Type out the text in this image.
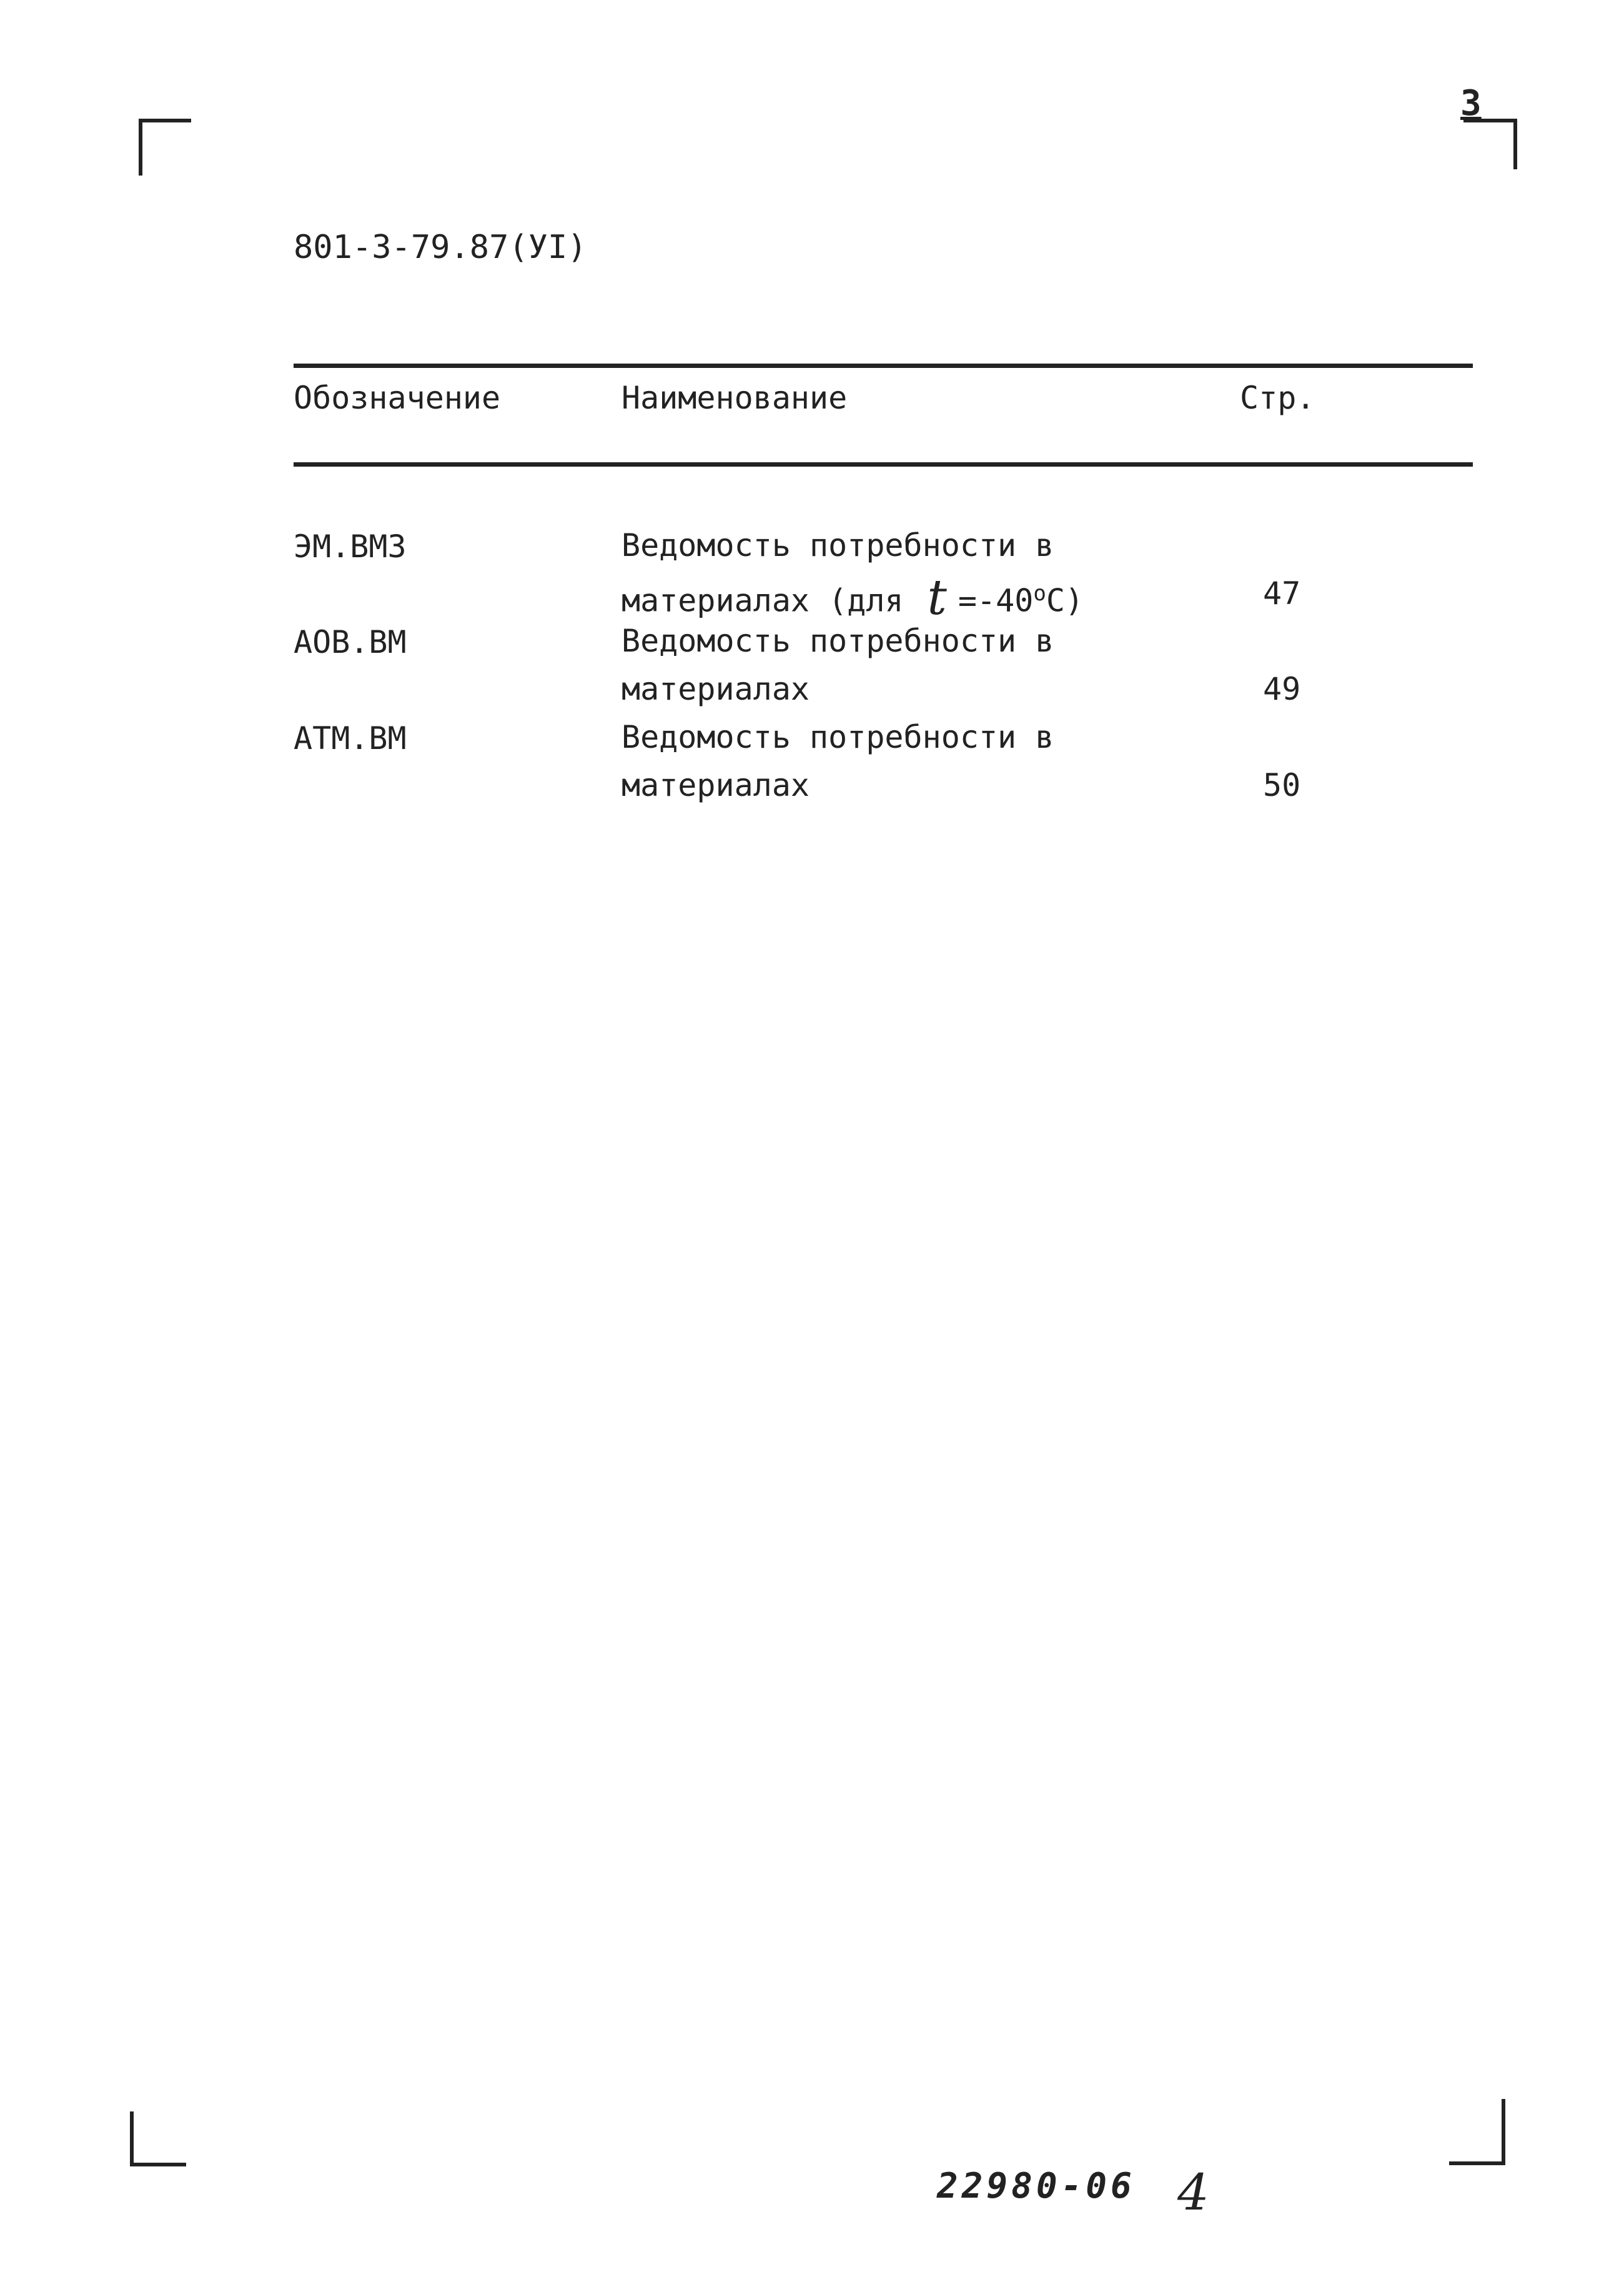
3
801-3-79.87(УI)
Обозначение	Наименование	Стр.
ЭМ.ВМ3	Ведомость потребности в
материалах (для $t =-40^oC$)	47
АОВ.ВМ	Ведомость потребности в
материалах	49
АТМ.ВМ	Ведомость потребности в
материалах	50
22980-06 4
